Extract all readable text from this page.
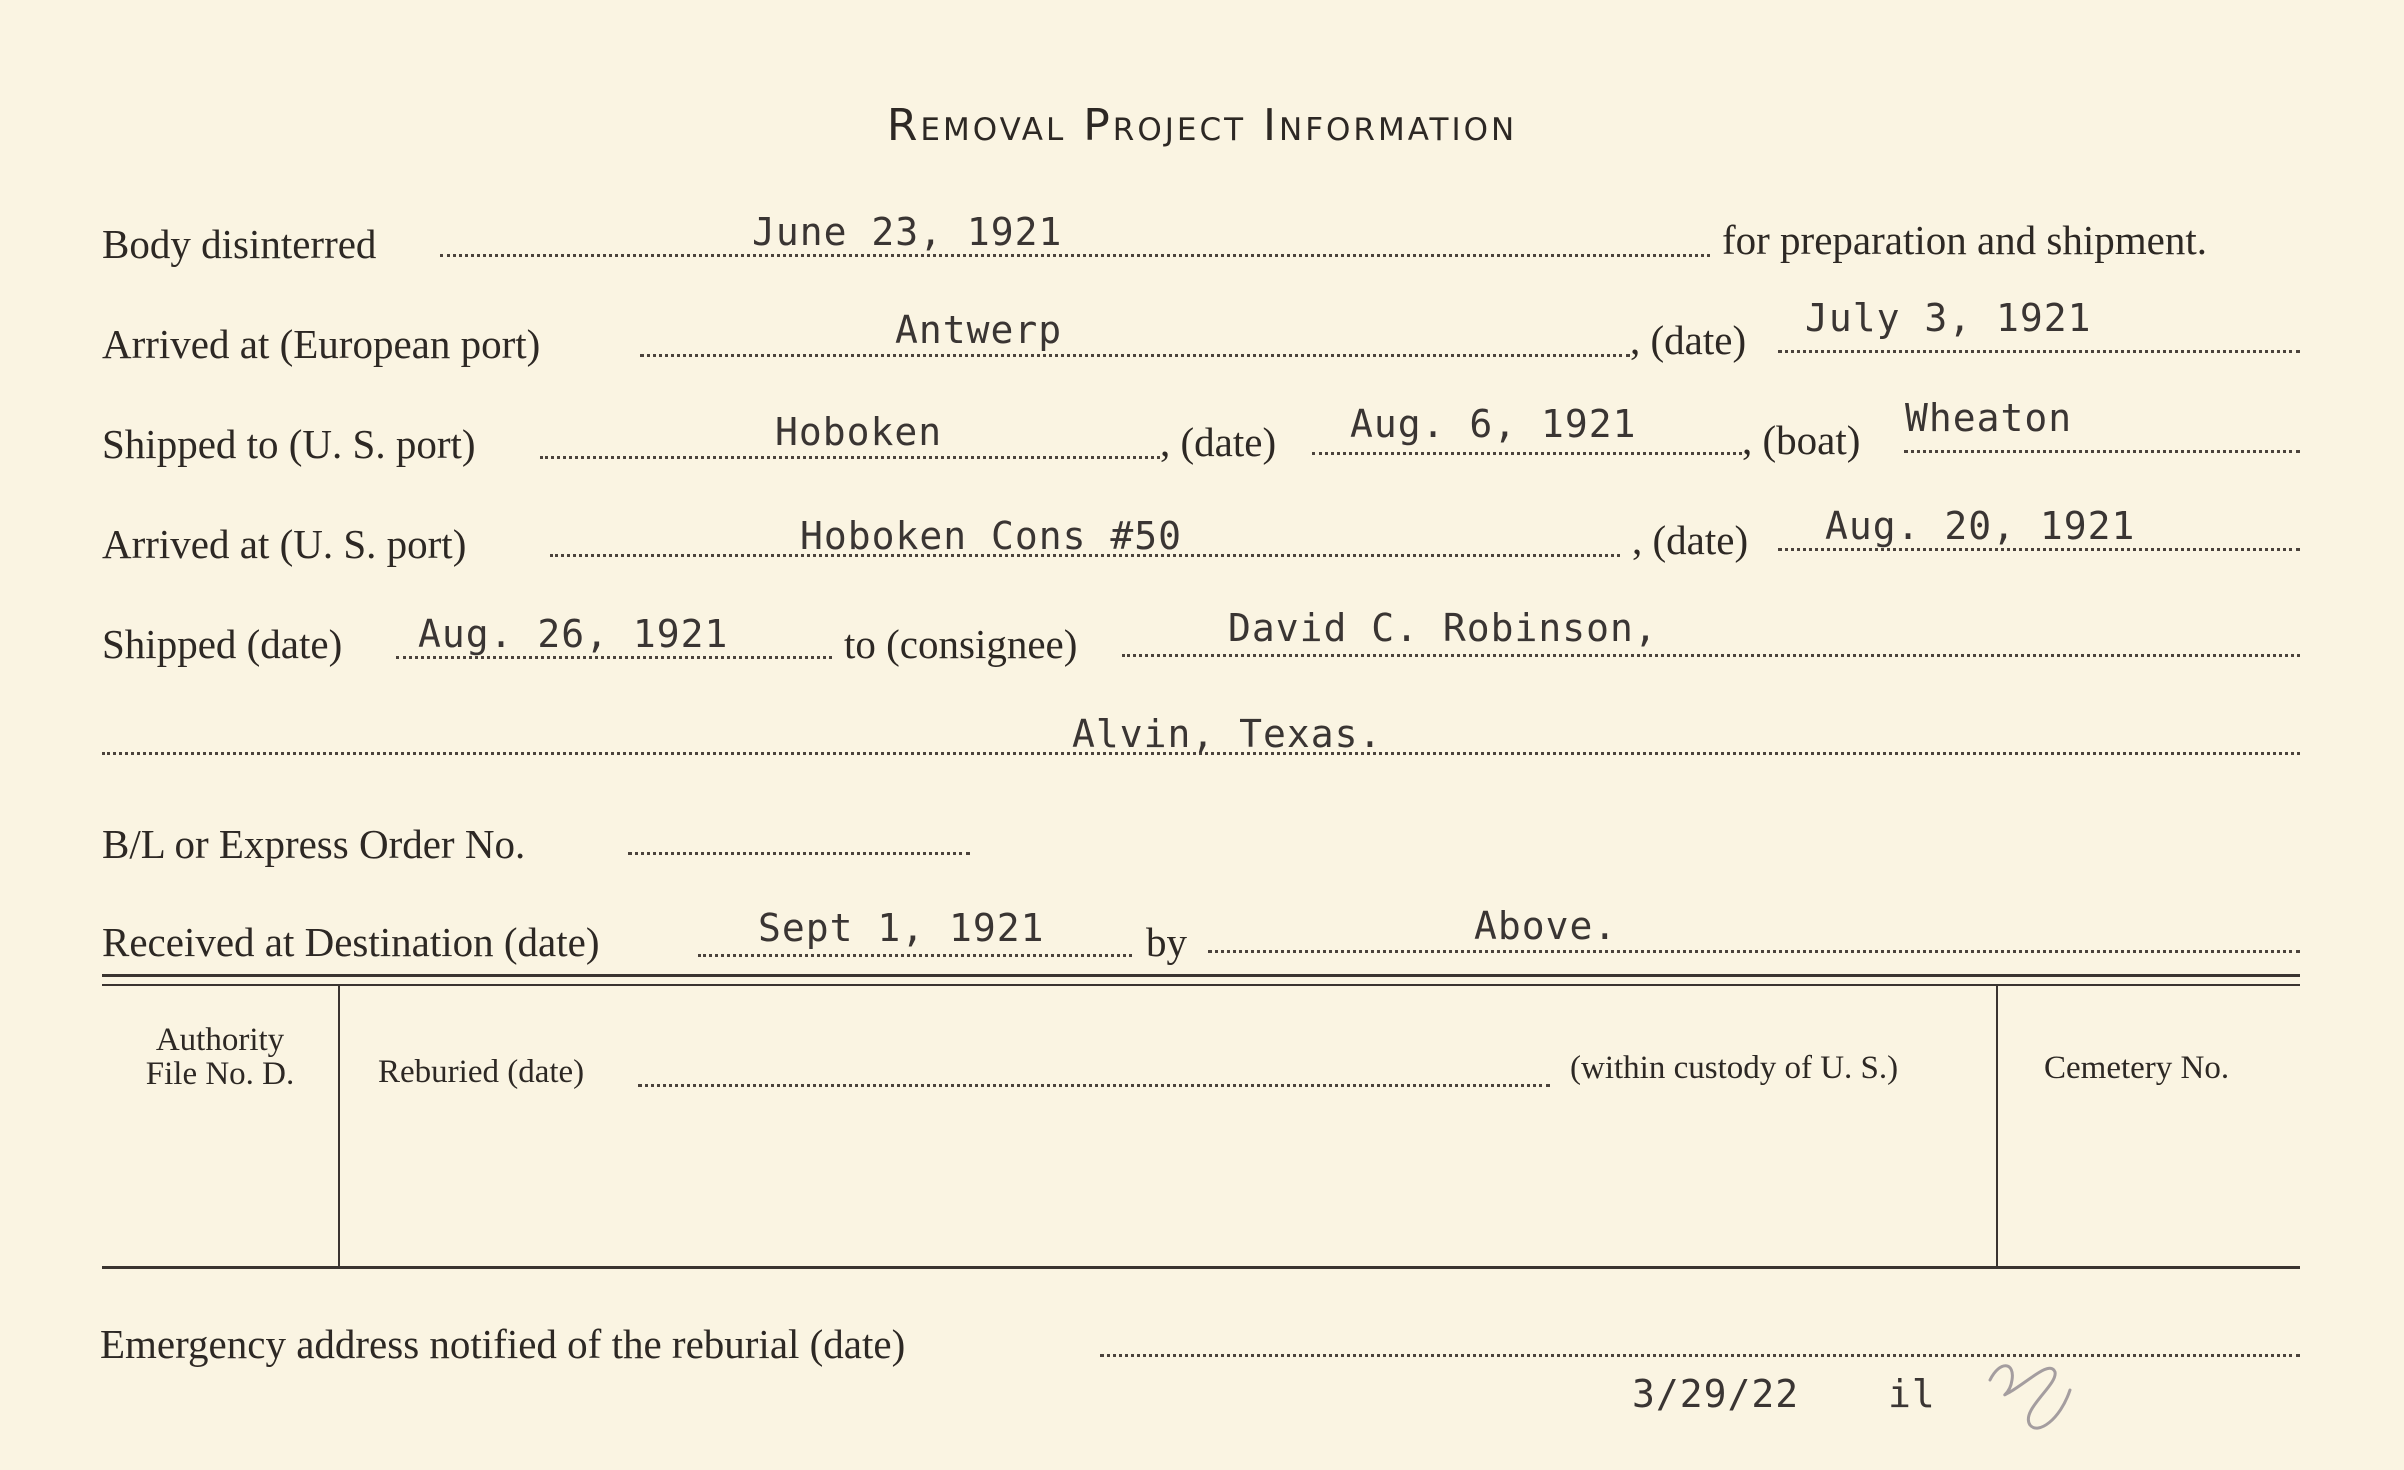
Removal Project Information
Body disinterred	June 23, 1921	for preparation and shipment.
Arrived at (European port)	Antwerp	, (date) July 3, 1921
Shipped to (U. S. port)	Hoboken	, (date) Aug. 6, 1921	, (boat) Wheaton
Arrived at (U. S. port)	Hoboken Cons #50	, (date) Aug. 20, 1921
Shipped (date) Aug. 26, 1921	to (consignee)	David C. Robinson,
Alvin, Texas.
B/L or Express Order No.
Received at Destination (date)	Sept 1, 1921 by	Above.
Authority
File No. D.	Reburied (date)	(within custody of U. S.)	Cemetery No.
Emergency address notified of the reburial (date)
3/29/22 il
